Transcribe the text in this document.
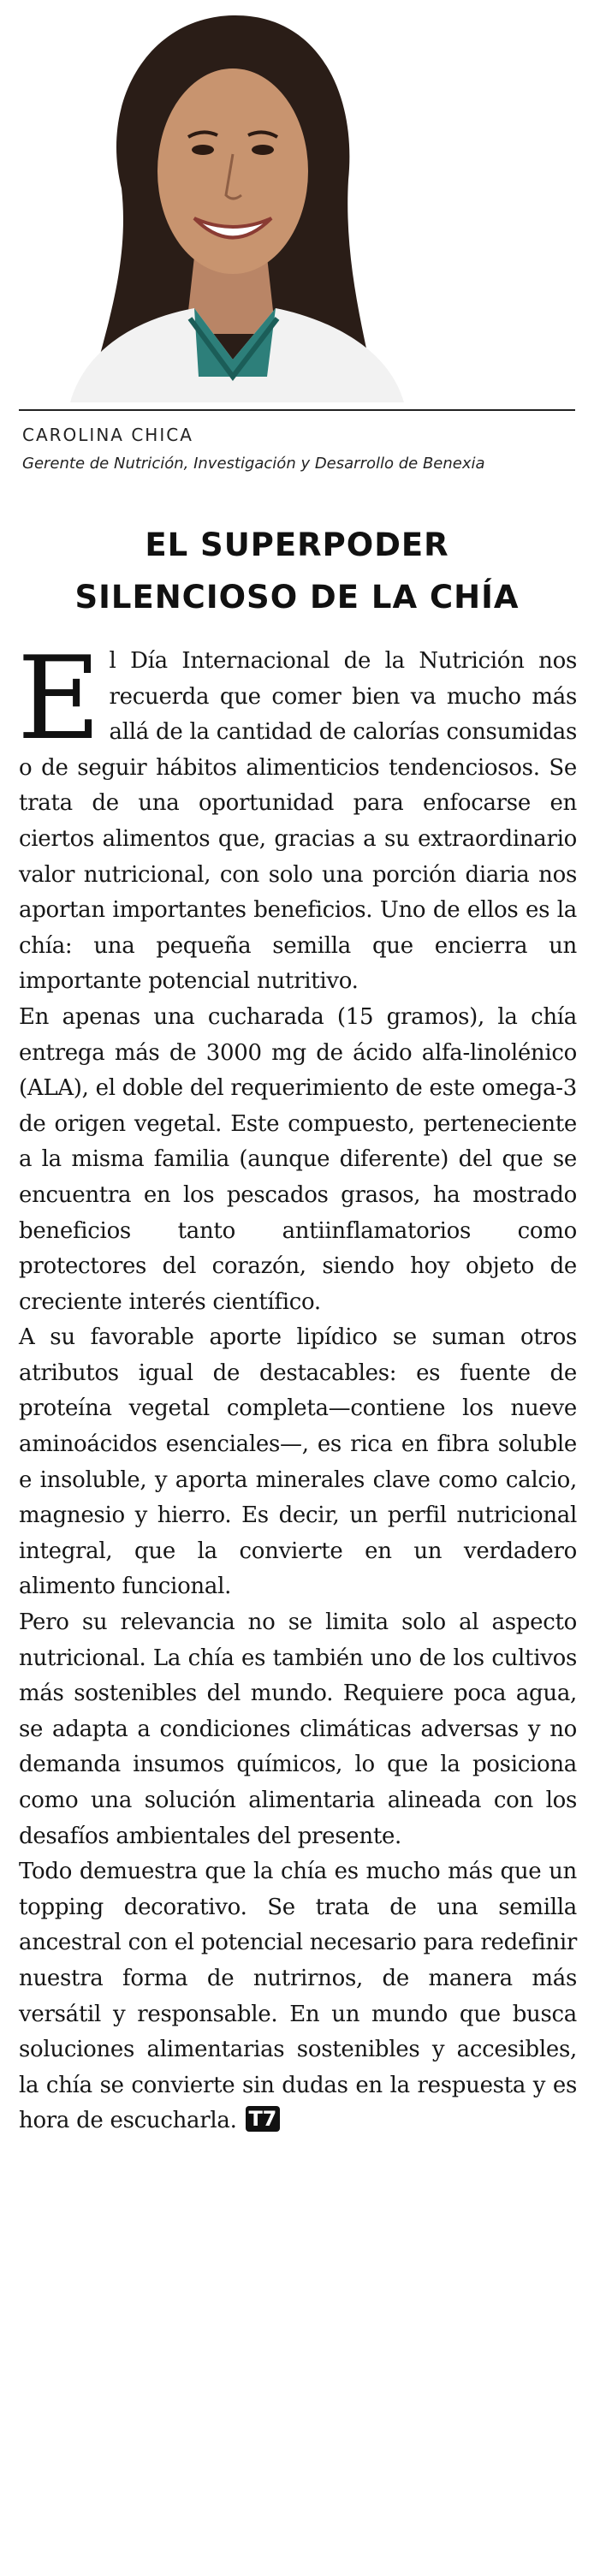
CAROLINA CHICA
Gerente de Nutrición, Investigación y Desarrollo de Benexia
EL SUPERPODER
SILENCIOSO DE LA CHÍA

El Día Internacional de la Nutrición nos recuerda que comer bien va mucho más allá de la cantidad de calorías consumidas o de seguir hábitos alimenticios tendenciosos. Se trata de una oportunidad para enfocarse en ciertos alimentos que, gracias a su extraordinario valor nutricional, con solo una porción diaria nos aportan importantes beneficios. Uno de ellos es la chía: una pequeña semilla que encierra un importante potencial nutritivo.

En apenas una cucharada (15 gramos), la chía entrega más de 3000 mg de ácido alfa-linolénico (ALA), el doble del requerimiento de este omega-3 de origen vegetal. Este compuesto, perteneciente a la misma familia (aunque diferente) del que se encuentra en los pescados grasos, ha mostrado beneficios tanto antiinflamatorios como protectores del corazón, siendo hoy objeto de creciente interés científico.

A su favorable aporte lipídico se suman otros atributos igual de destacables: es fuente de proteína vegetal completa—contiene los nueve aminoácidos esenciales—, es rica en fibra soluble e insoluble, y aporta minerales clave como calcio, magnesio y hierro. Es decir, un perfil nutricional integral, que la convierte en un verdadero alimento funcional.

Pero su relevancia no se limita solo al aspecto nutricional. La chía es también uno de los cultivos más sostenibles del mundo. Requiere poca agua, se adapta a condiciones climáticas adversas y no demanda insumos químicos, lo que la posiciona como una solución alimentaria alineada con los desafíos ambientales del presente.

Todo demuestra que la chía es mucho más que un topping decorativo. Se trata de una semilla ancestral con el potencial necesario para redefinir nuestra forma de nutrirnos, de manera más versátil y responsable. En un mundo que busca soluciones alimentarias sostenibles y accesibles, la chía se convierte sin dudas en la respuesta y es hora de escucharla. T7
